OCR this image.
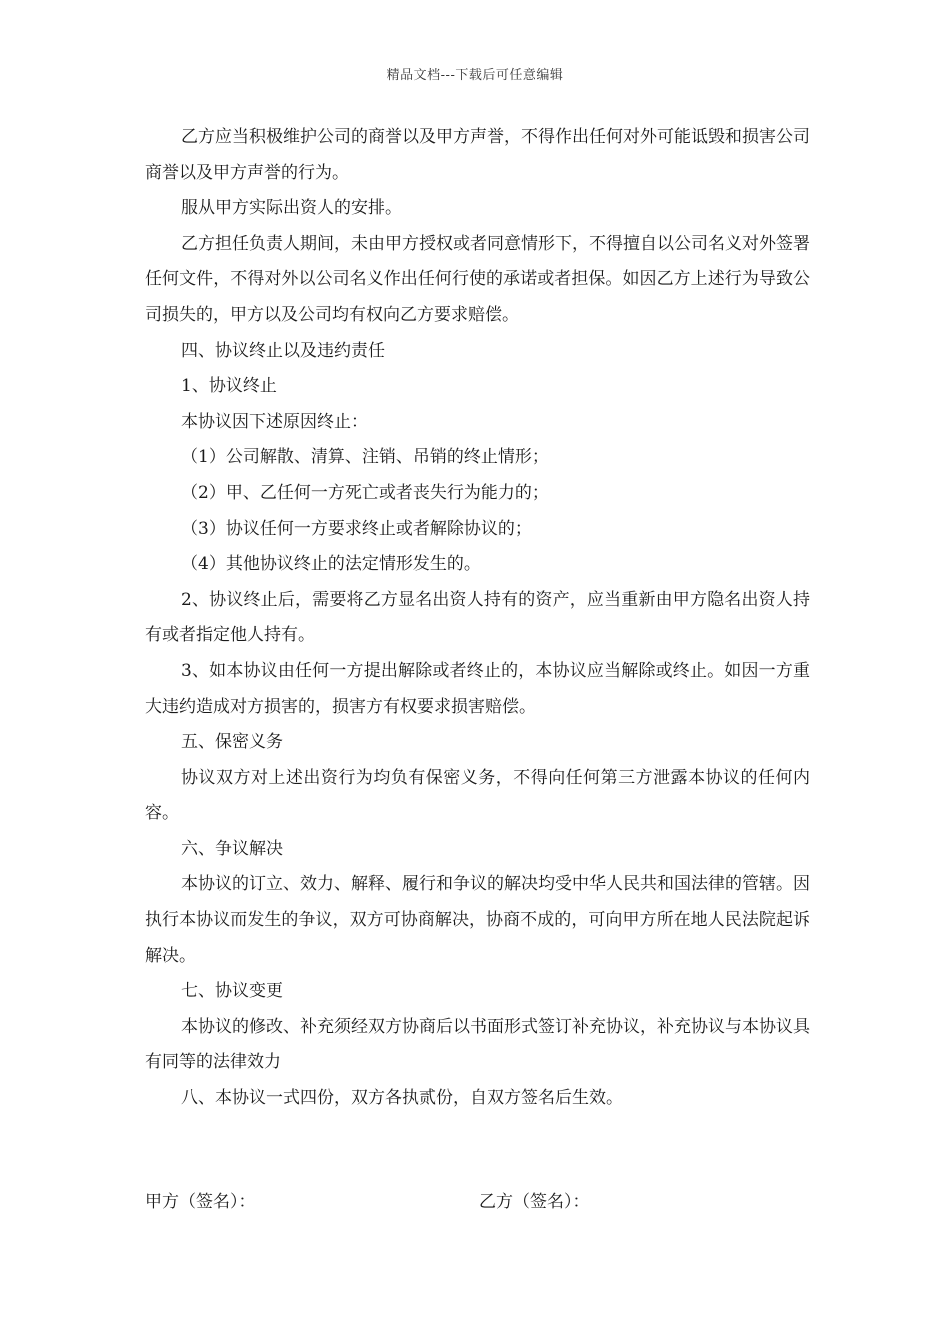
精品文档---下载后可任意编辑

乙方应当积极维护公司的商誉以及甲方声誉，不得作出任何对外可能诋毁和损害公司商誉以及甲方声誉的行为。

服从甲方实际出资人的安排。

乙方担任负责人期间，未由甲方授权或者同意情形下，不得擅自以公司名义对外签署任何文件，不得对外以公司名义作出任何行使的承诺或者担保。如因乙方上述行为导致公司损失的，甲方以及公司均有权向乙方要求赔偿。

四、协议终止以及违约责任

1、协议终止

本协议因下述原因终止：

（1）公司解散、清算、注销、吊销的终止情形；

（2）甲、乙任何一方死亡或者丧失行为能力的；

（3）协议任何一方要求终止或者解除协议的；

（4）其他协议终止的法定情形发生的。

2、协议终止后，需要将乙方显名出资人持有的资产，应当重新由甲方隐名出资人持有或者指定他人持有。

3、如本协议由任何一方提出解除或者终止的，本协议应当解除或终止。如因一方重大违约造成对方损害的，损害方有权要求损害赔偿。

五、保密义务

协议双方对上述出资行为均负有保密义务，不得向任何第三方泄露本协议的任何内容。

六、争议解决

本协议的订立、效力、解释、履行和争议的解决均受中华人民共和国法律的管辖。因执行本协议而发生的争议，双方可协商解决，协商不成的，可向甲方所在地人民法院起诉解决。

七、协议变更

本协议的修改、补充须经双方协商后以书面形式签订补充协议，补充协议与本协议具有同等的法律效力

八、本协议一式四份，双方各执贰份，自双方签名后生效。

甲方（签名）：	乙方（签名）：
